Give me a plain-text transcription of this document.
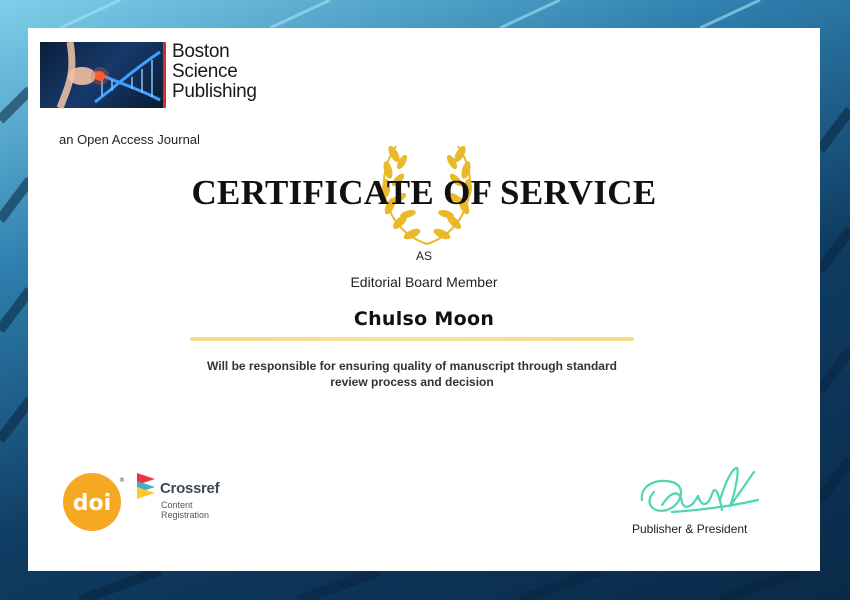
Boston
Science
Publishing
an Open Access Journal
CERTIFICATE OF SERVICE
AS
Editorial Board Member
Chulso Moon
Will be responsible for ensuring quality of manuscript through standard review process and decision
doi
® Crossref
Content
Registration
Publisher & President
